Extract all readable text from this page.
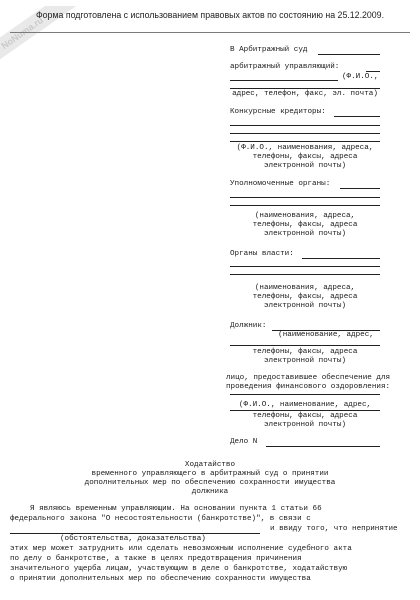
NoNuma.ru
Форма подготовлена с использованием правовых актов по состоянию на 25.12.2009.
В Арбитражный суд
арбитражный управляющий:
(Ф.И.О.,
адрес, телефон, факс, эл. почта)
Конкурсные кредиторы:
(Ф.И.О., наименования, адреса,
телефоны, факсы, адреса
электронной почты)
Уполномоченные органы:
(наименования, адреса,
телефоны, факсы, адреса
электронной почты)
Органы власти:
(наименования, адреса,
телефоны, факсы, адреса
электронной почты)
Должник:
(наименование, адрес,
телефоны, факсы, адреса
электронной почты)
лицо, предоставившее обеспечение для
проведения финансового оздоровления:
(Ф.И.О., наименование, адрес,
телефоны, факсы, адреса
электронной почты)
Дело N
Ходатайство
временного управляющего в арбитражный суд о принятии
дополнительных мер по обеспечению сохранности имущества
должника
Я являюсь временным управляющим. На основании пункта 1 статьи 66
федерального закона "О несостоятельности (банкротстве)", в связи с
и ввиду того, что непринятие
(обстоятельства, доказательства)
этих мер может затруднить или сделать невозможным исполнение судебного акта
по делу о банкротстве, а также в целях предотвращения причинения
значительного ущерба лицам, участвующим в деле о банкротстве, ходатайствую
о принятии дополнительных мер по обеспечению сохранности имущества
